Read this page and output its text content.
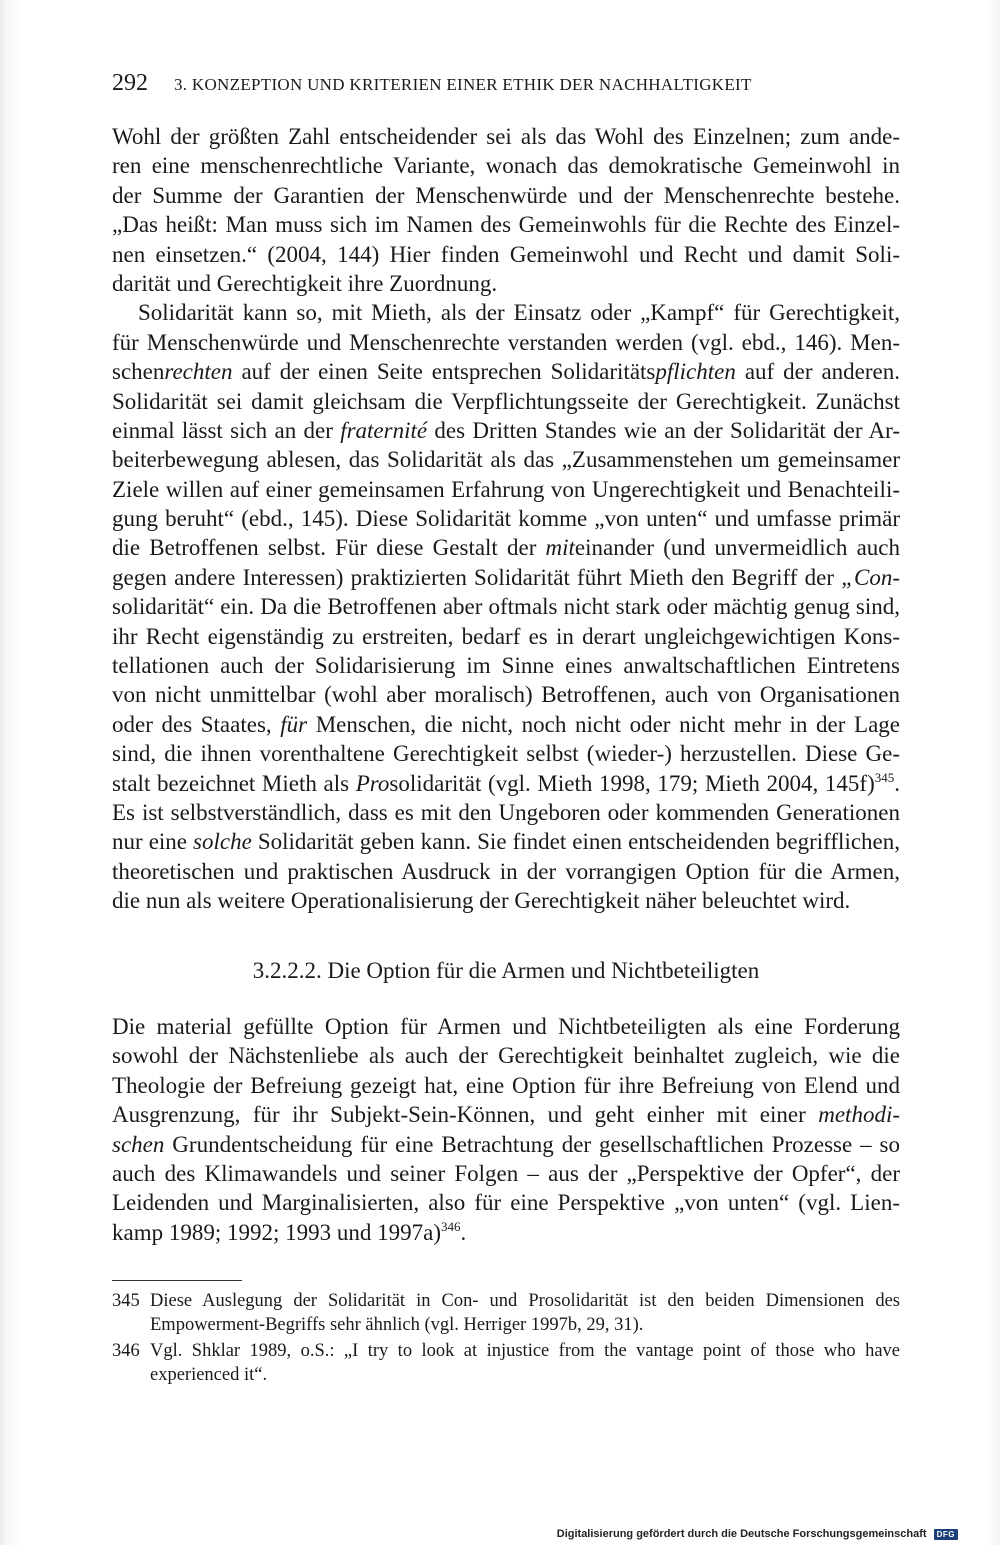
292 3. KONZEPTION UND KRITERIEN EINER ETHIK DER NACHHALTIGKEIT
Wohl der größten Zahl entscheidender sei als das Wohl des Einzelnen; zum ande-
ren eine menschenrechtliche Variante, wonach das demokratische Gemeinwohl in
der Summe der Garantien der Menschenwürde und der Menschenrechte bestehe.
„Das heißt: Man muss sich im Namen des Gemeinwohls für die Rechte des Einzel-
nen einsetzen.“ (2004, 144) Hier finden Gemeinwohl und Recht und damit Soli-
darität und Gerechtigkeit ihre Zuordnung.
Solidarität kann so, mit Mieth, als der Einsatz oder „Kampf“ für Gerechtigkeit,
für Menschenwürde und Menschenrechte verstanden werden (vgl. ebd., 146). Men-
schenrechten auf der einen Seite entsprechen Solidaritätspflichten auf der anderen.
Solidarität sei damit gleichsam die Verpflichtungsseite der Gerechtigkeit. Zunächst
einmal lässt sich an der fraternité des Dritten Standes wie an der Solidarität der Ar-
beiterbewegung ablesen, das Solidarität als das „Zusammenstehen um gemeinsamer
Ziele willen auf einer gemeinsamen Erfahrung von Ungerechtigkeit und Benachteili-
gung beruht“ (ebd., 145). Diese Solidarität komme „von unten“ und umfasse primär
die Betroffenen selbst. Für diese Gestalt der miteinander (und unvermeidlich auch
gegen andere Interessen) praktizierten Solidarität führt Mieth den Begriff der „Con-
solidarität“ ein. Da die Betroffenen aber oftmals nicht stark oder mächtig genug sind,
ihr Recht eigenständig zu erstreiten, bedarf es in derart ungleichgewichtigen Kons-
tellationen auch der Solidarisierung im Sinne eines anwaltschaftlichen Eintretens
von nicht unmittelbar (wohl aber moralisch) Betroffenen, auch von Organisationen
oder des Staates, für Menschen, die nicht, noch nicht oder nicht mehr in der Lage
sind, die ihnen vorenthaltene Gerechtigkeit selbst (wieder-) herzustellen. Diese Ge-
stalt bezeichnet Mieth als Prosolidarität (vgl. Mieth 1998, 179; Mieth 2004, 145f)$^{345}$.
Es ist selbstverständlich, dass es mit den Ungeboren oder kommenden Generationen
nur eine solche Solidarität geben kann. Sie findet einen entscheidenden begrifflichen,
theoretischen und praktischen Ausdruck in der vorrangigen Option für die Armen,
die nun als weitere Operationalisierung der Gerechtigkeit näher beleuchtet wird.
3.2.2.2. Die Option für die Armen und Nichtbeteiligten
Die material gefüllte Option für Armen und Nichtbeteiligten als eine Forderung
sowohl der Nächstenliebe als auch der Gerechtigkeit beinhaltet zugleich, wie die
Theologie der Befreiung gezeigt hat, eine Option für ihre Befreiung von Elend und
Ausgrenzung, für ihr Subjekt-Sein-Können, und geht einher mit einer methodi-
schen Grundentscheidung für eine Betrachtung der gesellschaftlichen Prozesse – so
auch des Klimawandels und seiner Folgen – aus der „Perspektive der Opfer“, der
Leidenden und Marginalisierten, also für eine Perspektive „von unten“ (vgl. Lien-
kamp 1989; 1992; 1993 und 1997a)$^{346}$.
345 Diese Auslegung der Solidarität in Con- und Prosolidarität ist den beiden Dimensionen des
Empowerment-Begriffs sehr ähnlich (vgl. Herriger 1997b, 29, 31).
346 Vgl. Shklar 1989, o.S.: „I try to look at injustice from the vantage point of those who have
experienced it“.
Digitalisierung gefördert durch die Deutsche Forschungsgemeinschaft DFG
